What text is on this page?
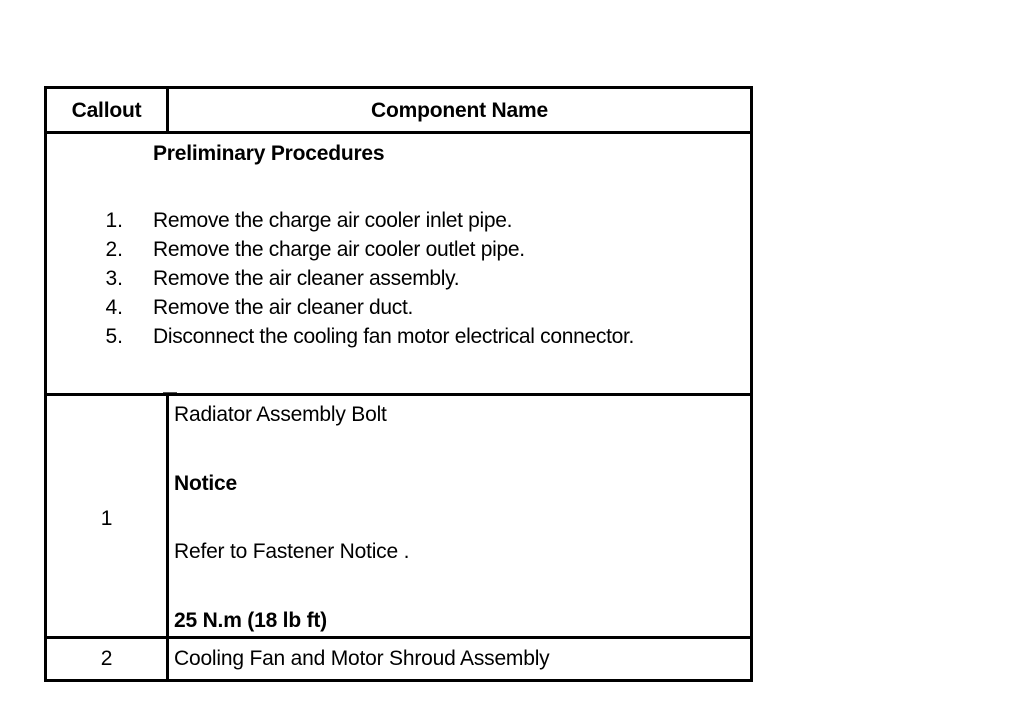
Callout	Component Name
Preliminary Procedures
1. Remove the charge air cooler inlet pipe.
2. Remove the charge air cooler outlet pipe.
3. Remove the air cleaner assembly.
4. Remove the air cleaner duct.
5. Disconnect the cooling fan motor electrical connector.
1
Radiator Assembly Bolt
Notice
Refer to Fastener Notice .
25 N.m (18 lb ft)
2	Cooling Fan and Motor Shroud Assembly
